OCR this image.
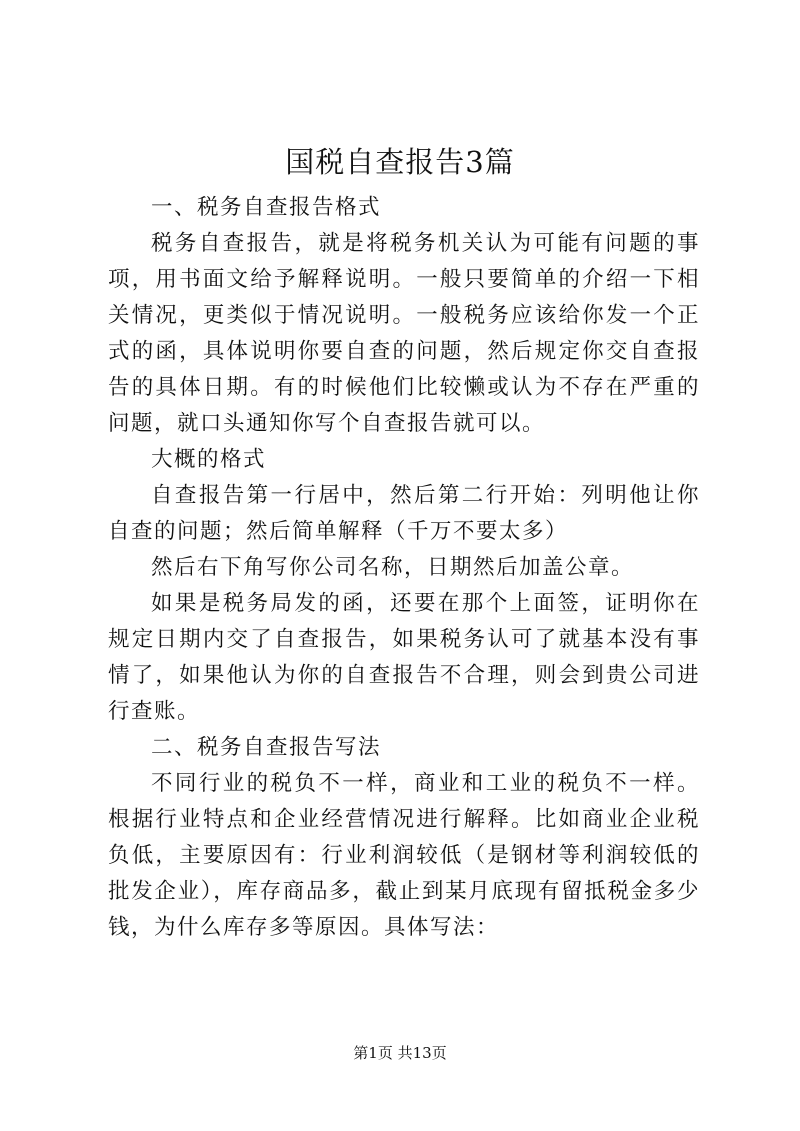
国税自查报告3篇

一、税务自查报告格式

税务自查报告，就是将税务机关认为可能有问题的事项，用书面文给予解释说明。一般只要简单的介绍一下相关情况，更类似于情况说明。一般税务应该给你发一个正式的函，具体说明你要自查的问题，然后规定你交自查报告的具体日期。有的时候他们比较懒或认为不存在严重的问题，就口头通知你写个自查报告就可以。

大概的格式

自查报告第一行居中，然后第二行开始：列明他让你自查的问题；然后简单解释（千万不要太多）

然后右下角写你公司名称，日期然后加盖公章。

如果是税务局发的函，还要在那个上面签，证明你在规定日期内交了自查报告，如果税务认可了就基本没有事情了，如果他认为你的自查报告不合理，则会到贵公司进行查账。

二、税务自查报告写法

不同行业的税负不一样，商业和工业的税负不一样。根据行业特点和企业经营情况进行解释。比如商业企业税负低，主要原因有：行业利润较低（是钢材等利润较低的批发企业），库存商品多，截止到某月底现有留抵税金多少钱，为什么库存多等原因。具体写法：

第1页 共13页
